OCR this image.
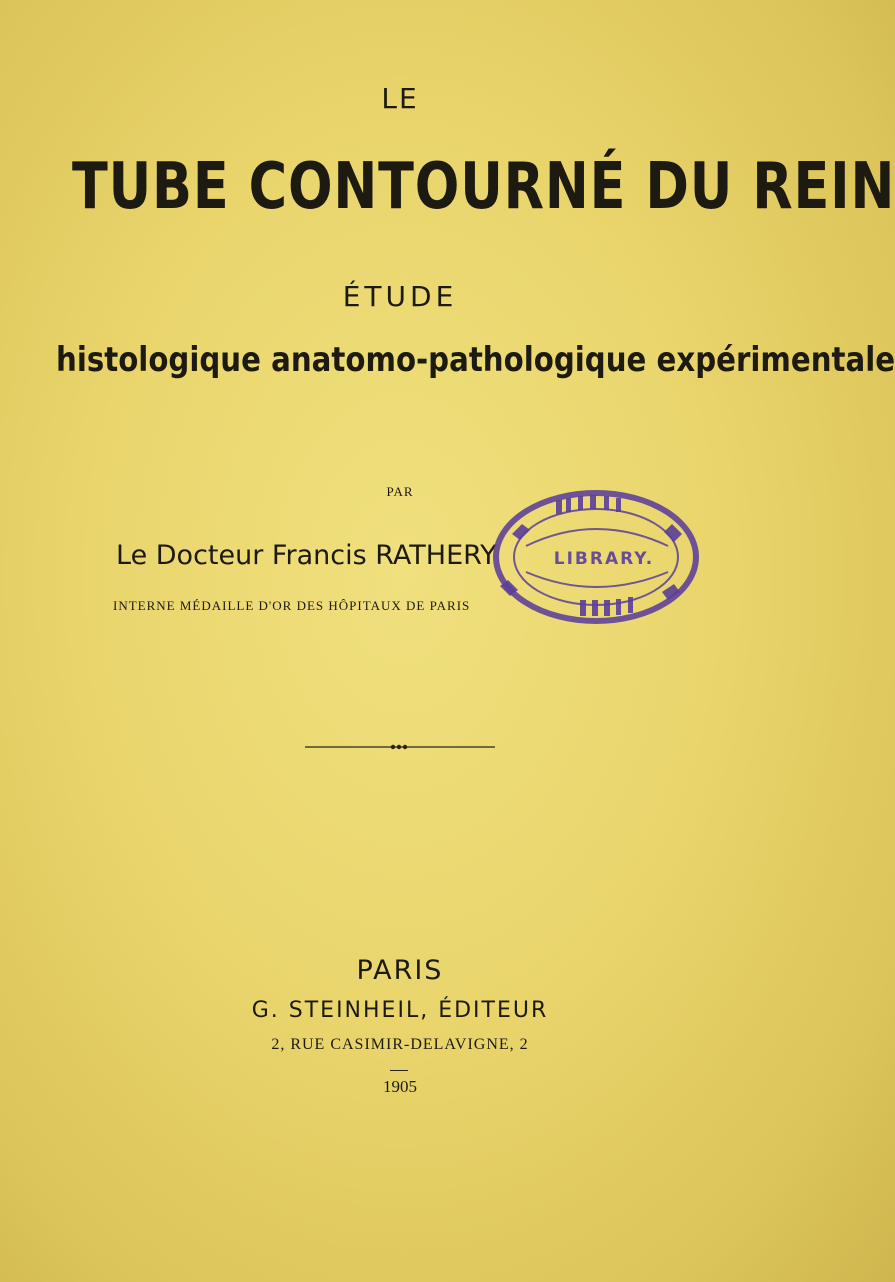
LE
TUBE CONTOURNÉ DU REIN
ÉTUDE
histologique anatomo-pathologique expérimentale
PAR
Le Docteur Francis RATHERY
INTERNE MÉDAILLE D'OR DES HÔPITAUX DE PARIS
LIBRARY.
PARIS
G. STEINHEIL, ÉDITEUR
2, RUE CASIMIR-DELAVIGNE, 2
1905
